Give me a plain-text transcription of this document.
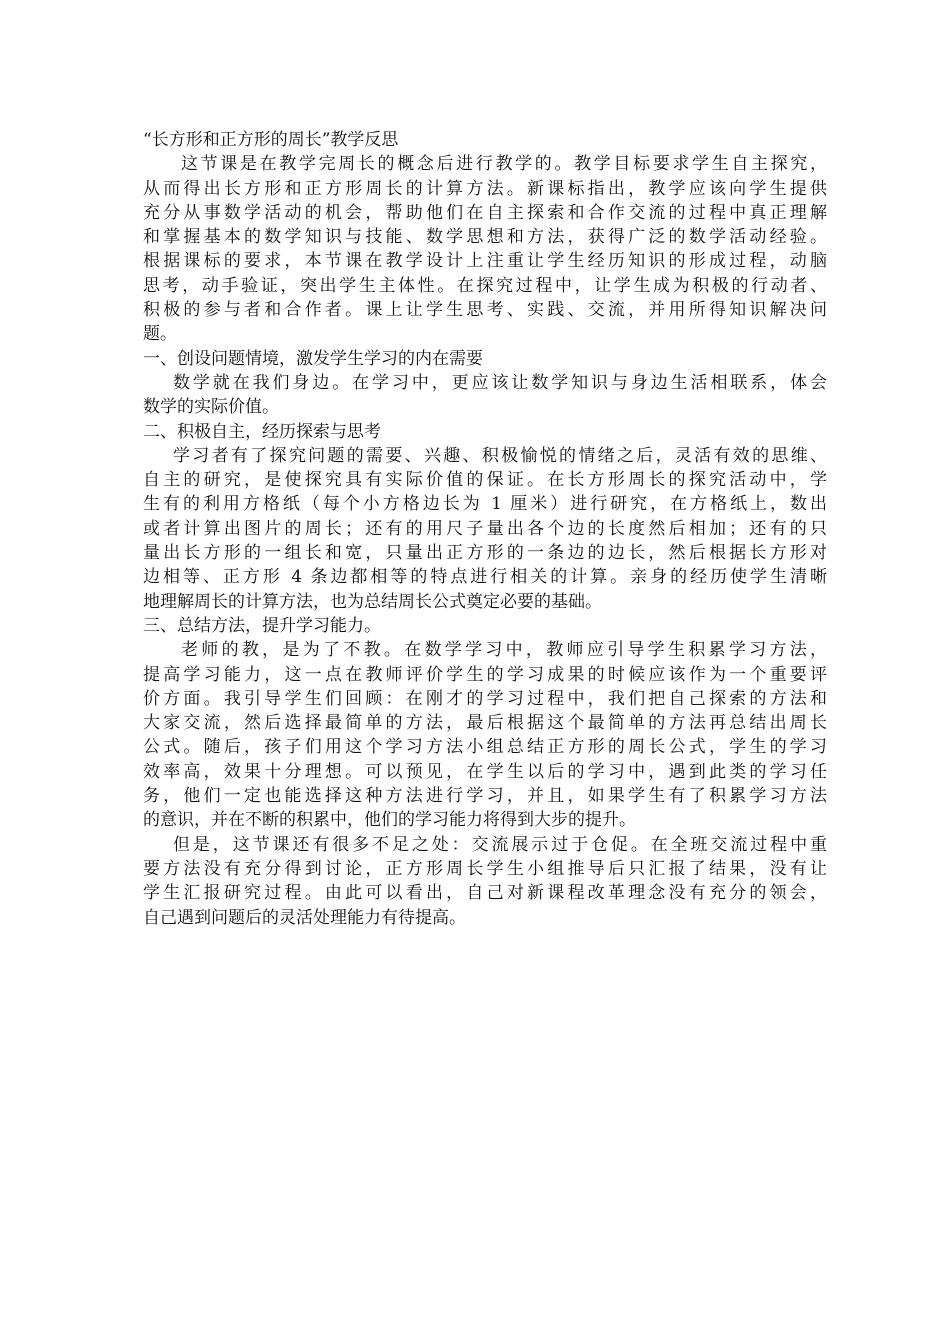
“长方形和正方形的周长”教学反思
这节课是在教学完周长的概念后进行教学的。教学目标要求学生自主探究，
从而得出长方形和正方形周长的计算方法。新课标指出，教学应该向学生提供
充分从事数学活动的机会，帮助他们在自主探索和合作交流的过程中真正理解
和掌握基本的数学知识与技能、数学思想和方法，获得广泛的数学活动经验。
根据课标的要求，本节课在教学设计上注重让学生经历知识的形成过程，动脑
思考，动手验证，突出学生主体性。在探究过程中，让学生成为积极的行动者、
积极的参与者和合作者。课上让学生思考、实践、交流，并用所得知识解决问
题。
一、创设问题情境，激发学生学习的内在需要
数学就在我们身边。在学习中，更应该让数学知识与身边生活相联系，体会
数学的实际价值。
二、积极自主，经历探索与思考
学习者有了探究问题的需要、兴趣、积极愉悦的情绪之后，灵活有效的思维、
自主的研究，是使探究具有实际价值的保证。在长方形周长的探究活动中，学
生有的利用方格纸（每个小方格边长为 1 厘米）进行研究，在方格纸上，数出
或者计算出图片的周长；还有的用尺子量出各个边的长度然后相加；还有的只
量出长方形的一组长和宽，只量出正方形的一条边的边长，然后根据长方形对
边相等、正方形 4 条边都相等的特点进行相关的计算。亲身的经历使学生清晰
地理解周长的计算方法，也为总结周长公式奠定必要的基础。
三、总结方法，提升学习能力。
老师的教，是为了不教。在数学学习中，教师应引导学生积累学习方法，
提高学习能力，这一点在教师评价学生的学习成果的时候应该作为一个重要评
价方面。我引导学生们回顾：在刚才的学习过程中，我们把自己探索的方法和
大家交流，然后选择最简单的方法，最后根据这个最简单的方法再总结出周长
公式。随后，孩子们用这个学习方法小组总结正方形的周长公式，学生的学习
效率高，效果十分理想。可以预见，在学生以后的学习中，遇到此类的学习任
务，他们一定也能选择这种方法进行学习，并且，如果学生有了积累学习方法
的意识，并在不断的积累中，他们的学习能力将得到大步的提升。
但是，这节课还有很多不足之处：交流展示过于仓促。在全班交流过程中重
要方法没有充分得到讨论，正方形周长学生小组推导后只汇报了结果，没有让
学生汇报研究过程。由此可以看出，自己对新课程改革理念没有充分的领会，
自己遇到问题后的灵活处理能力有待提高。
